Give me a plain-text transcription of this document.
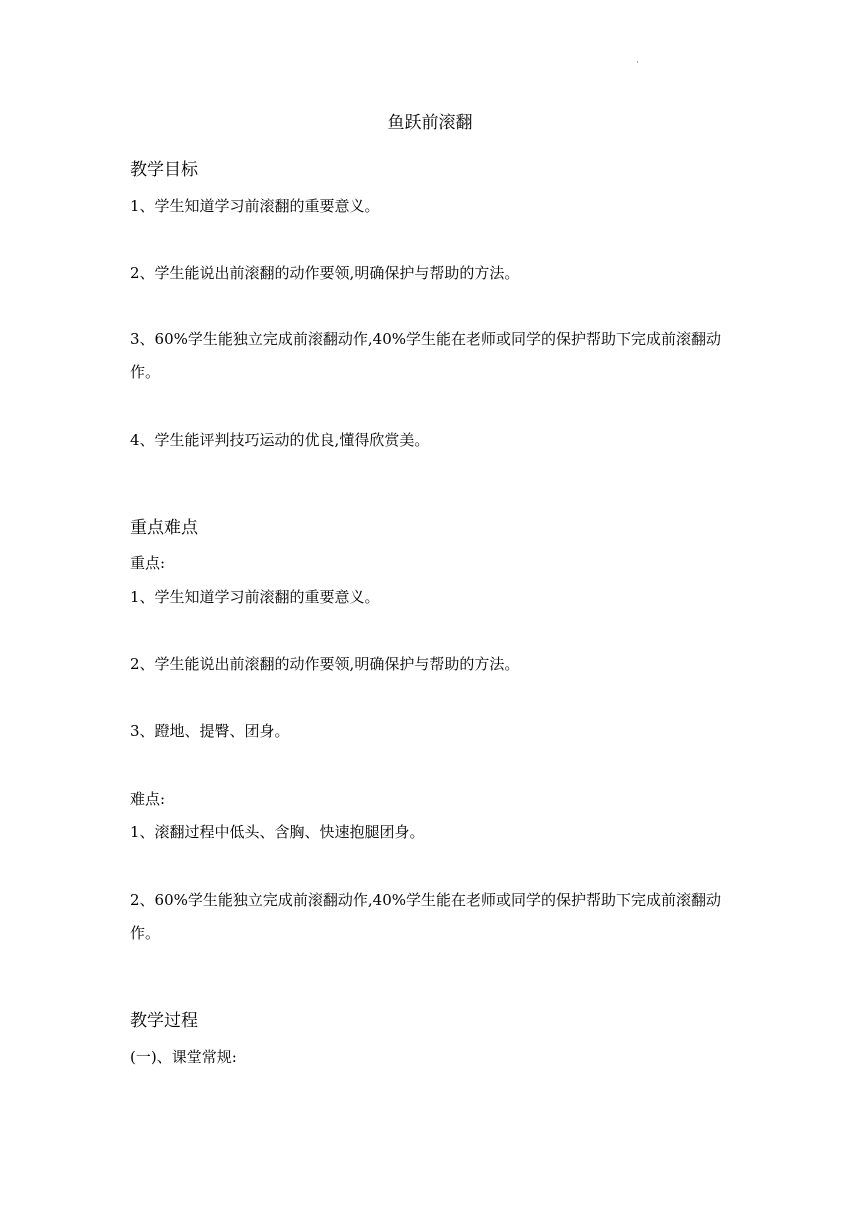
·
鱼跃前滚翻
教学目标

1、学生知道学习前滚翻的重要意义。

2、学生能说出前滚翻的动作要领,明确保护与帮助的方法。

3、60%学生能独立完成前滚翻动作,40%学生能在老师或同学的保护帮助下完成前滚翻动作。

4、学生能评判技巧运动的优良,懂得欣赏美。

重点难点

重点:

1、学生知道学习前滚翻的重要意义。

2、学生能说出前滚翻的动作要领,明确保护与帮助的方法。

3、蹬地、提臀、团身。

难点:

1、滚翻过程中低头、含胸、快速抱腿团身。

2、60%学生能独立完成前滚翻动作,40%学生能在老师或同学的保护帮助下完成前滚翻动作。

教学过程

(一)、课堂常规:
